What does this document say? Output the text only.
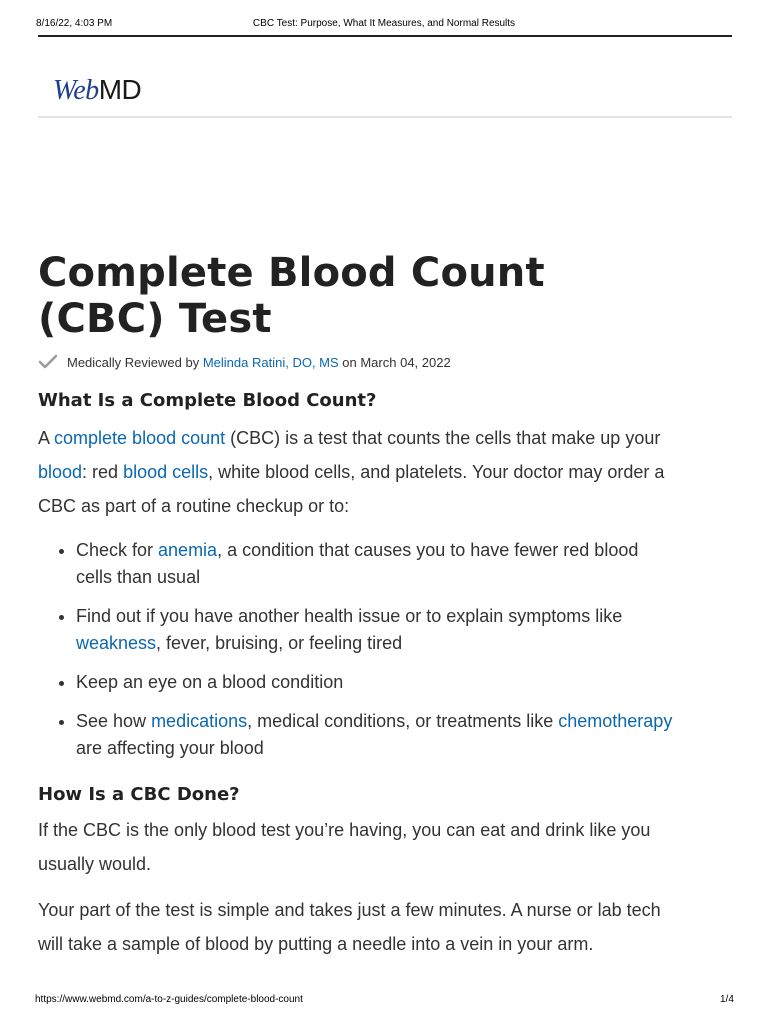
8/16/22, 4:03 PM	CBC Test: Purpose, What It Measures, and Normal Results
WebMD
Complete Blood Count (CBC) Test
Medically Reviewed by Melinda Ratini, DO, MS on March 04, 2022
What Is a Complete Blood Count?

A complete blood count (CBC) is a test that counts the cells that make up your blood: red blood cells, white blood cells, and platelets. Your doctor may order a CBC as part of a routine checkup or to:

• Check for anemia, a condition that causes you to have fewer red blood cells than usual
• Find out if you have another health issue or to explain symptoms like weakness, fever, bruising, or feeling tired
• Keep an eye on a blood condition
• See how medications, medical conditions, or treatments like chemotherapy are affecting your blood
How Is a CBC Done?

If the CBC is the only blood test you’re having, you can eat and drink like you usually would.

Your part of the test is simple and takes just a few minutes. A nurse or lab tech will take a sample of blood by putting a needle into a vein in your arm.

https://www.webmd.com/a-to-z-guides/complete-blood-count	1/4
